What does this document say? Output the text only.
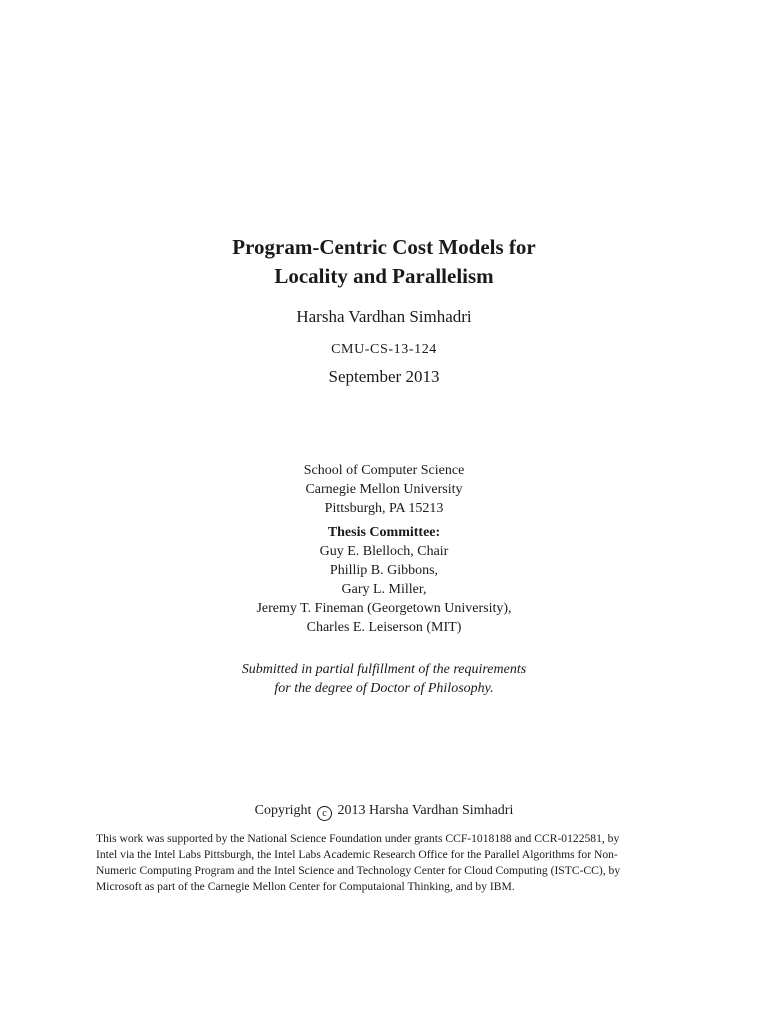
Program-Centric Cost Models for
Locality and Parallelism
Harsha Vardhan Simhadri
CMU-CS-13-124
September 2013
School of Computer Science
Carnegie Mellon University
Pittsburgh, PA 15213
Thesis Committee:
Guy E. Blelloch, Chair
Phillip B. Gibbons,
Gary L. Miller,
Jeremy T. Fineman (Georgetown University),
Charles E. Leiserson (MIT)
Submitted in partial fulfillment of the requirements
for the degree of Doctor of Philosophy.
Copyright c 2013 Harsha Vardhan Simhadri
This work was supported by the National Science Foundation under grants CCF-1018188 and CCR-0122581, by
Intel via the Intel Labs Pittsburgh, the Intel Labs Academic Research Office for the Parallel Algorithms for Non-
Numeric Computing Program and the Intel Science and Technology Center for Cloud Computing (ISTC-CC), by
Microsoft as part of the Carnegie Mellon Center for Computaional Thinking, and by IBM.
